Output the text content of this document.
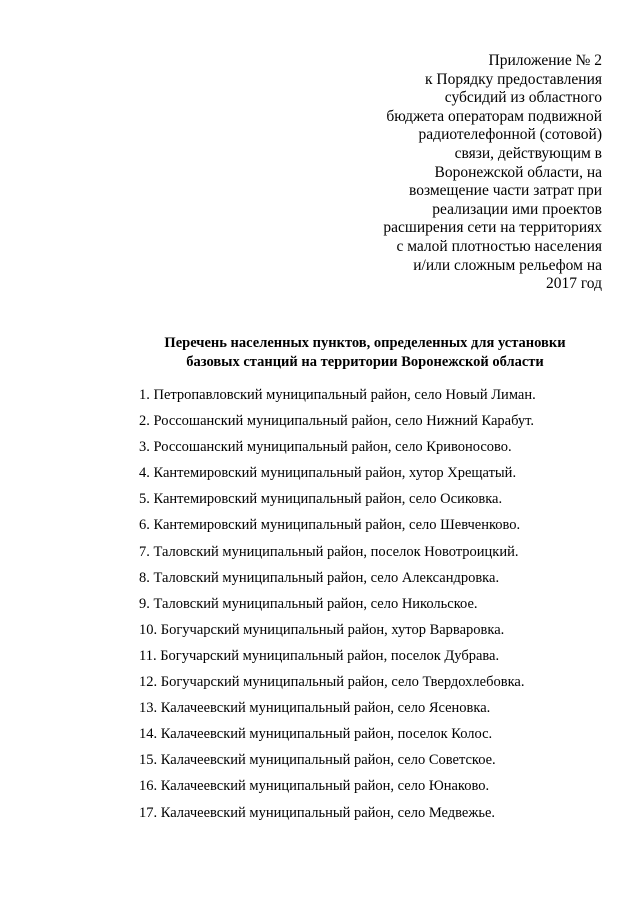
Приложение № 2
к Порядку предоставления
субсидий из областного
бюджета операторам подвижной
радиотелефонной (сотовой)
связи, действующим в
Воронежской области, на
возмещение части затрат при
реализации ими проектов
расширения сети на территориях
с малой плотностью населения
и/или сложным рельефом на
2017 год
Перечень населенных пунктов, определенных для установки
базовых станций на территории Воронежской области
1. Петропавловский муниципальный район, село Новый Лиман.
2. Россошанский муниципальный район, село Нижний Карабут.
3. Россошанский муниципальный район, село Кривоносово.
4. Кантемировский муниципальный район, хутор Хрещатый.
5. Кантемировский муниципальный район, село Осиковка.
6. Кантемировский муниципальный район, село Шевченково.
7. Таловский муниципальный район, поселок Новотроицкий.
8. Таловский муниципальный район, село Александровка.
9. Таловский муниципальный район, село Никольское.
10. Богучарский муниципальный район, хутор Варваровка.
11. Богучарский муниципальный район, поселок Дубрава.
12. Богучарский муниципальный район, село Твердохлебовка.
13. Калачеевский муниципальный район, село Ясеновка.
14. Калачеевский муниципальный район, поселок Колос.
15. Калачеевский муниципальный район, село Советское.
16. Калачеевский муниципальный район, село Юнаково.
17. Калачеевский муниципальный район, село Медвежье.
